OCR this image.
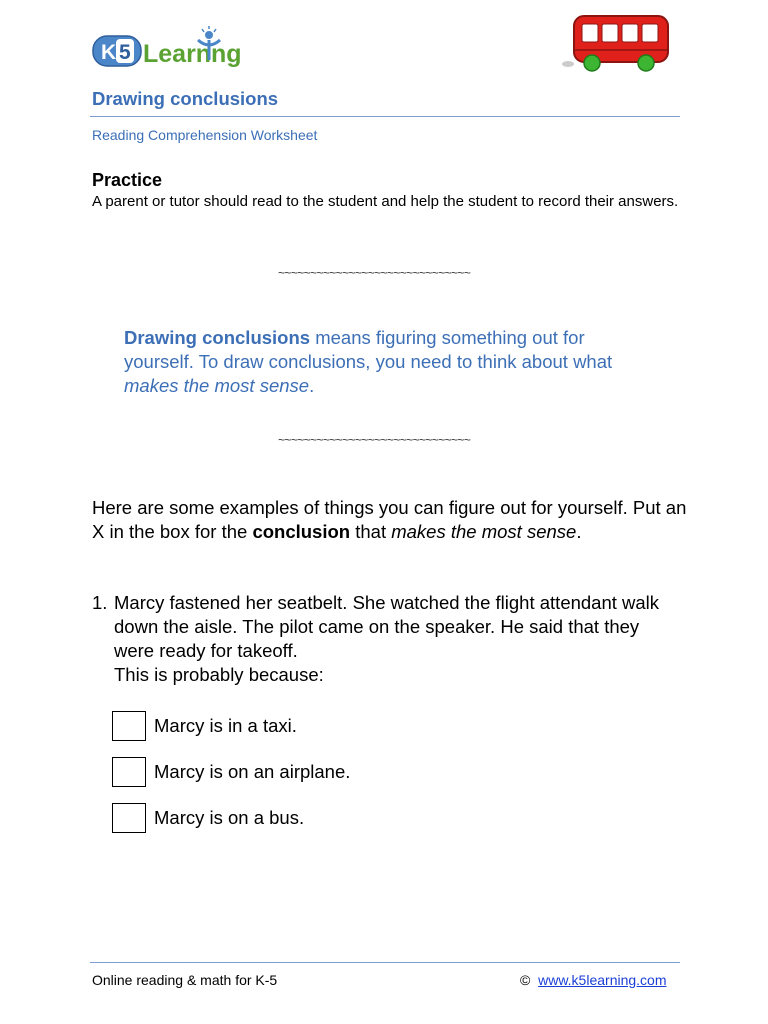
K 5 Learn ng
Drawing conclusions
Reading Comprehension Worksheet
Practice
A parent or tutor should read to the student and help the student to record their answers.
~~~~~~~~~~~~~~~~~~~~~~~~~~~~~~
Drawing conclusions means figuring something out for yourself. To draw conclusions, you need to think about what makes the most sense.
~~~~~~~~~~~~~~~~~~~~~~~~~~~~~~
Here are some examples of things you can figure out for yourself. Put an X in the box for the conclusion that makes the most sense.
1. Marcy fastened her seatbelt. She watched the flight attendant walk down the aisle. The pilot came on the speaker. He said that they were ready for takeoff.
This is probably because:
Marcy is in a taxi.
Marcy is on an airplane.
Marcy is on a bus.
Online reading & math for K-5	© www.k5learning.com
